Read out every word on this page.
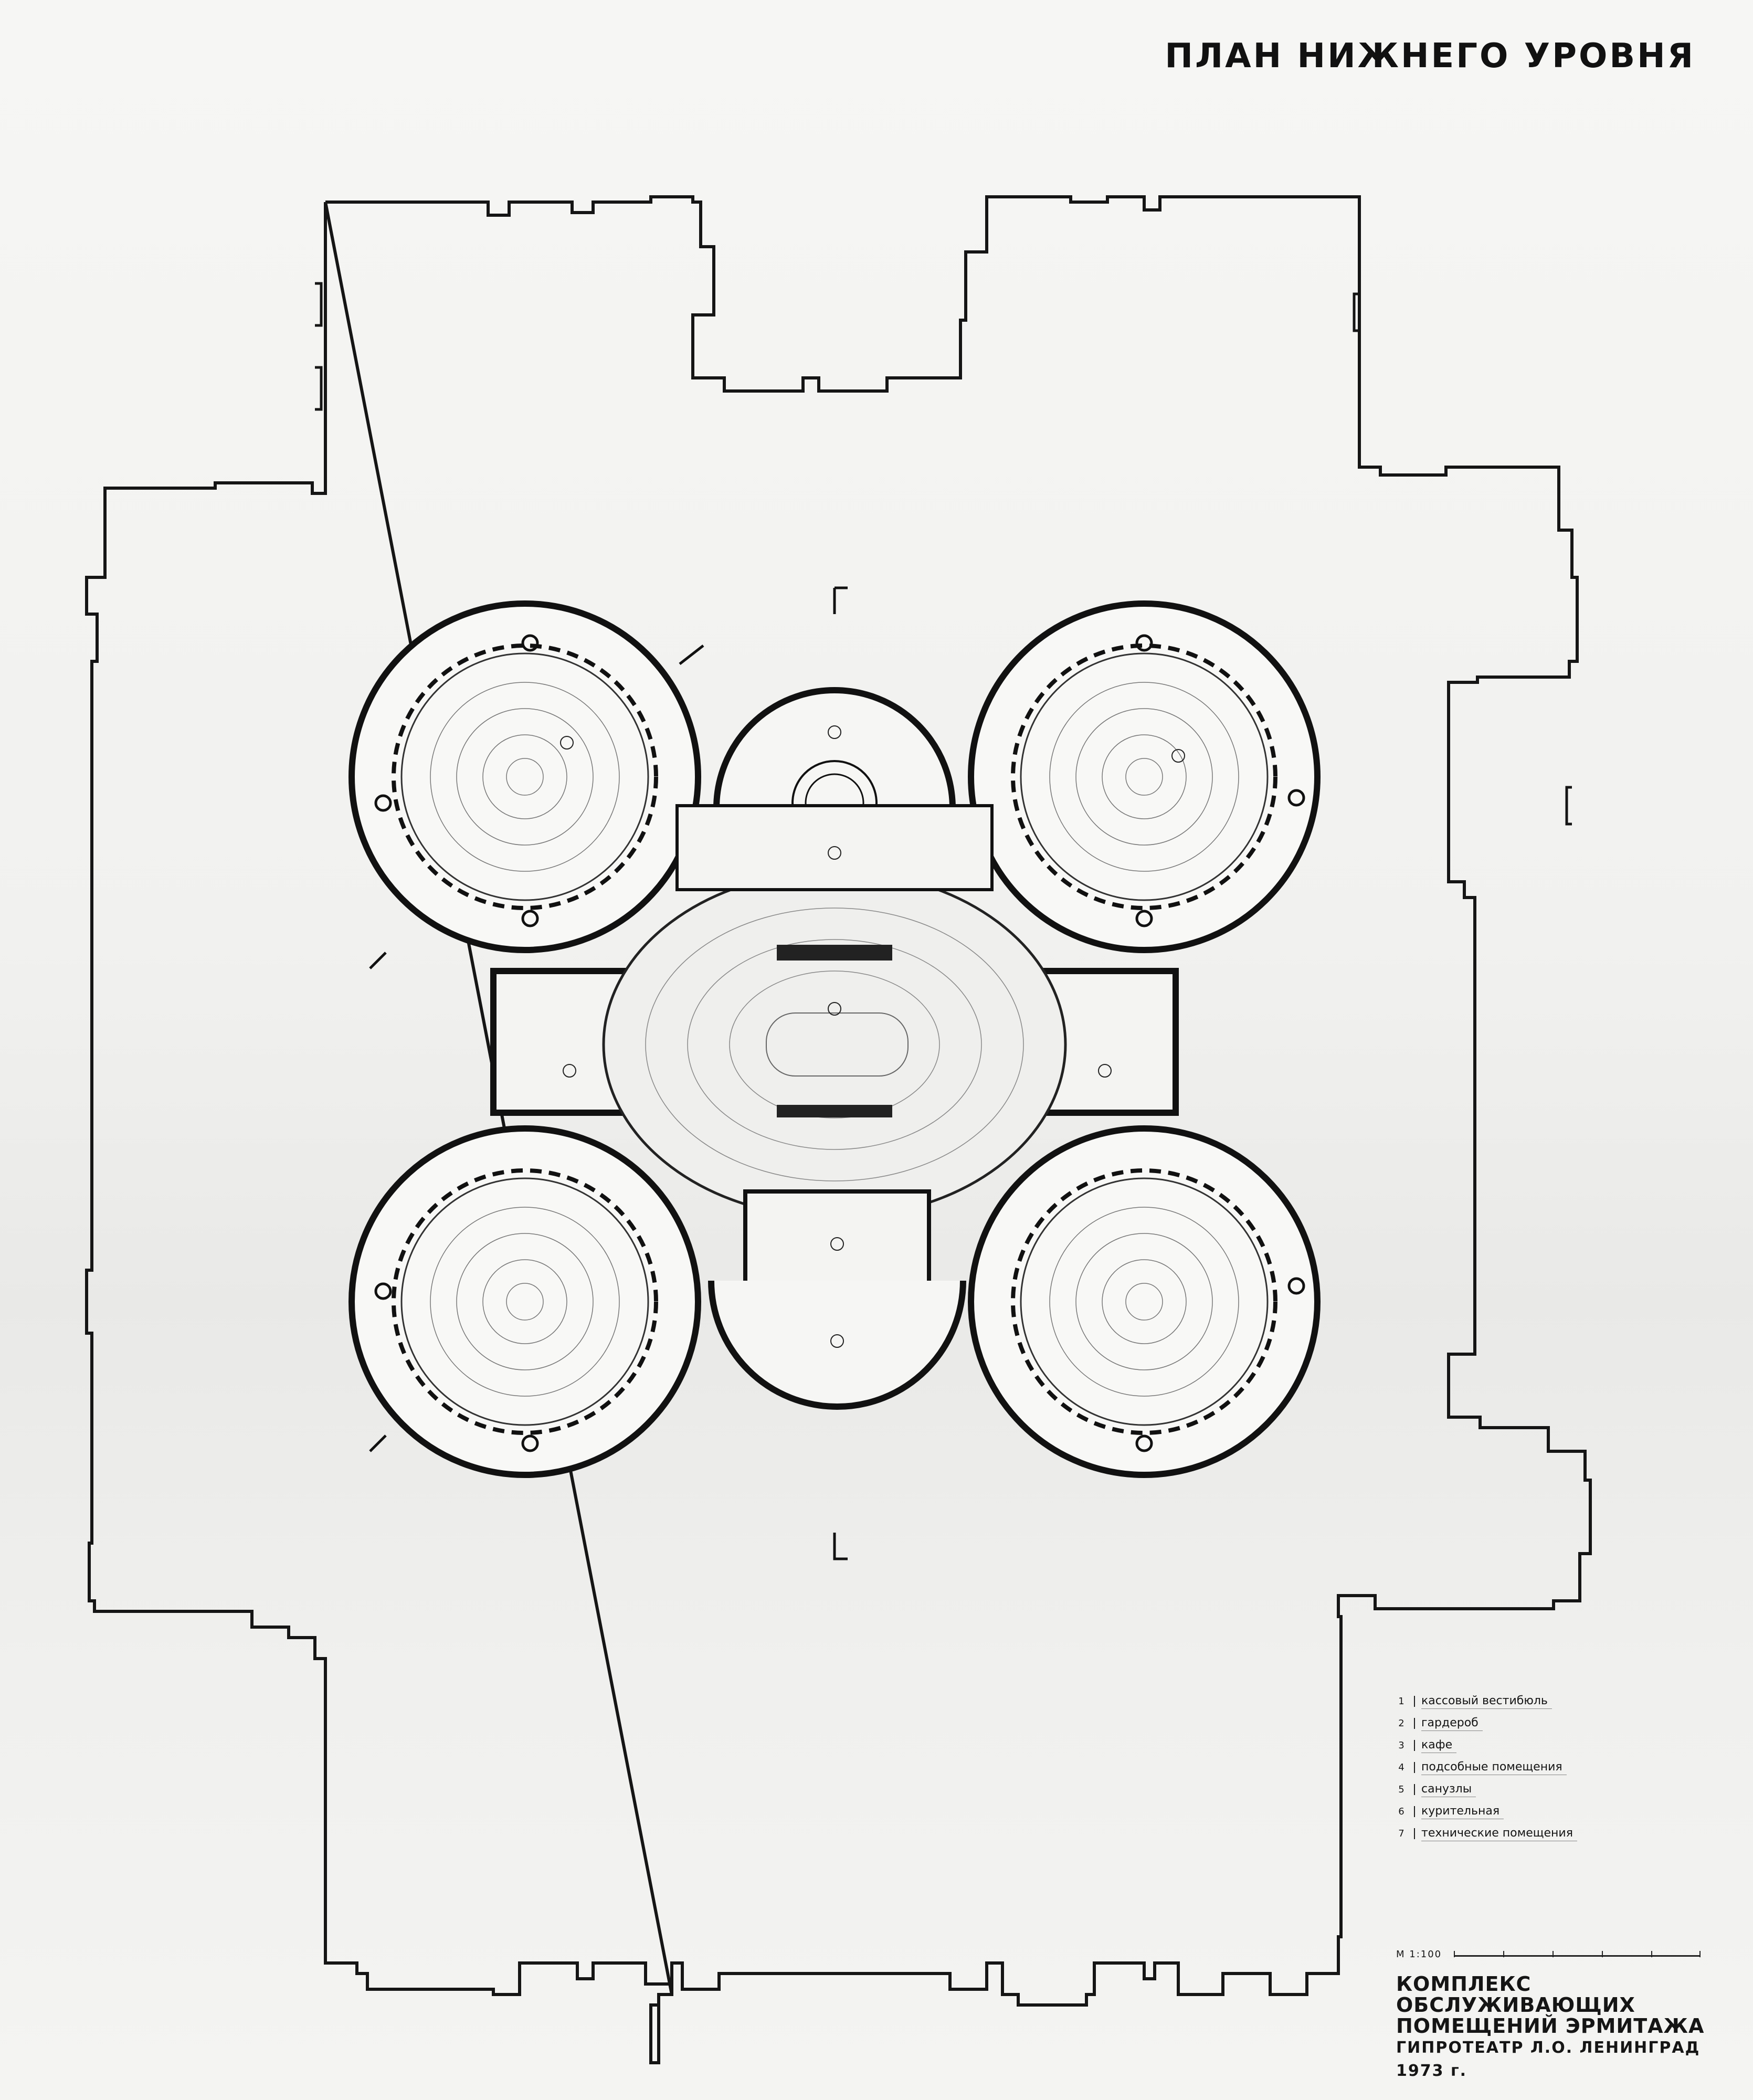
ПЛАН НИЖНЕГО УРОВНЯ
1	кассовый вестибюль
2	гардероб
3	кафе
4	подсобные помещения
5	санузлы
6	курительная
7	технические помещения
М 1:100
КОМПЛЕКС ОБСЛУЖИВАЮЩИХ
ПОМЕЩЕНИЙ ЭРМИТАЖА
ГИПРОТЕАТР Л.О. ЛЕНИНГРАД 1973 г.
